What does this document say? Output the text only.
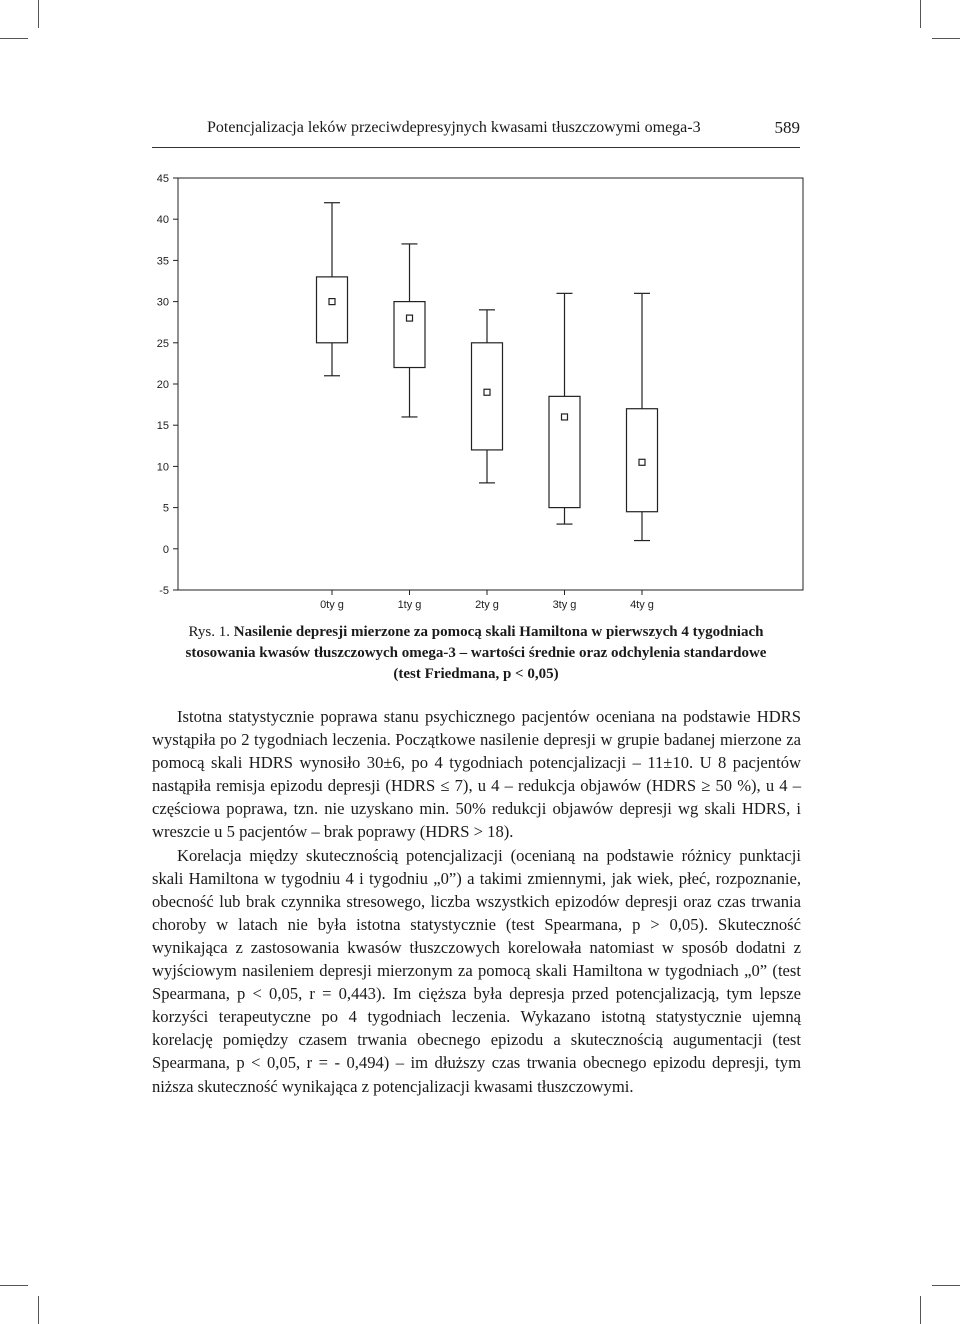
Potencjalizacja leków przeciwdepresyjnych kwasami tłuszczowymi omega-3	589
45
40
35
30
25
20
15
10
5
0
-5
0ty g	1ty g	2ty g	3ty g	4ty g
Rys. 1. Nasilenie depresji mierzone za pomocą skali Hamiltona w pierwszych 4 tygodniach
stosowania kwasów tłuszczowych omega-3 – wartości średnie oraz odchylenia standardowe
(test Friedmana, p < 0,05)

Istotna statystycznie poprawa stanu psychicznego pacjentów oceniana na podstawie HDRS wystąpiła po 2 tygodniach leczenia. Początkowe nasilenie depresji w grupie badanej mierzone za pomocą skali HDRS wynosiło 30±6, po 4 tygodniach potencjalizacji – 11±10. U 8 pacjentów nastąpiła remisja epizodu depresji (HDRS ≤ 7), u 4 – redukcja objawów (HDRS ≥ 50 %), u 4 – częściowa poprawa, tzn. nie uzyskano min. 50% redukcji objawów depresji wg skali HDRS, i wreszcie u 5 pacjentów – brak poprawy (HDRS > 18).

Korelacja między skutecznością potencjalizacji (ocenianą na podstawie różnicy punktacji skali Hamiltona w tygodniu 4 i tygodniu „0”) a takimi zmiennymi, jak wiek, płeć, rozpoznanie, obecność lub brak czynnika stresowego, liczba wszystkich epizodów depresji oraz czas trwania choroby w latach nie była istotna statystycznie (test Spearmana, p > 0,05). Skuteczność wynikająca z zastosowania kwasów tłuszczowych korelowała natomiast w sposób dodatni z wyjściowym nasileniem depresji mierzonym za pomocą skali Hamiltona w tygodniach „0” (test Spearmana, p < 0,05, r = 0,443). Im cięższa była depresja przed potencjalizacją, tym lepsze korzyści terapeutyczne po 4 tygodniach leczenia. Wykazano istotną statystycznie ujemną korelację pomiędzy czasem trwania obecnego epizodu a skutecznością augumentacji (test Spearmana, p < 0,05, r = - 0,494) – im dłuższy czas trwania obecnego epizodu depresji, tym niższa skuteczność wynikająca z potencjalizacji kwasami tłuszczowymi.
